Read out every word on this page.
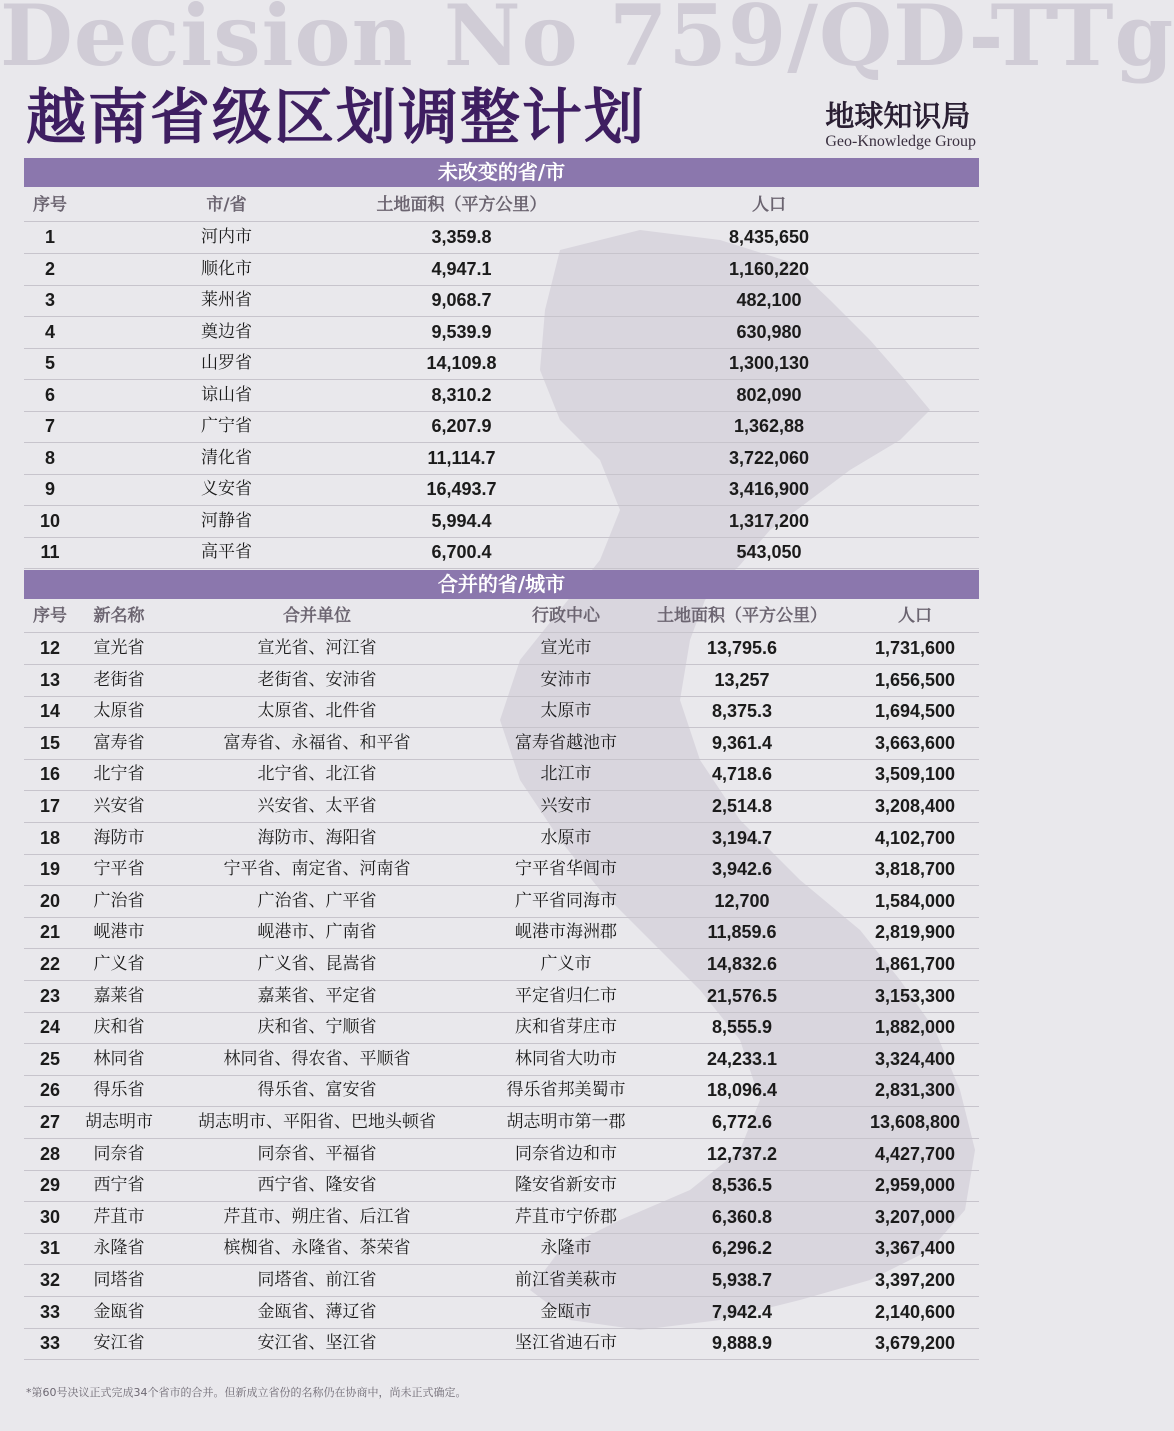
Decision No 759/QD-TTg
越南省级区划调整计划	地球知识局
Geo-Knowledge Group
未改变的省/市
序号	市/省	土地面积（平方公里）	人口
1	河内市	3,359.8	8,435,650
2	顺化市	4,947.1	1,160,220
3	莱州省	9,068.7	482,100
4	奠边省	9,539.9	630,980
5	山罗省	14,109.8	1,300,130
6	谅山省	8,310.2	802,090
7	广宁省	6,207.9	1,362,88
8	清化省	11,114.7	3,722,060
9	义安省	16,493.7	3,416,900
10	河静省	5,994.4	1,317,200
11	高平省	6,700.4	543,050
合并的省/城市
序号	新名称	合并单位	行政中心	土地面积（平方公里）	人口
12	宣光省	宣光省、河江省	宣光市	13,795.6	1,731,600
13	老街省	老街省、安沛省	安沛市	13,257	1,656,500
14	太原省	太原省、北件省	太原市	8,375.3	1,694,500
15	富寿省	富寿省、永福省、和平省	富寿省越池市	9,361.4	3,663,600
16	北宁省	北宁省、北江省	北江市	4,718.6	3,509,100
17	兴安省	兴安省、太平省	兴安市	2,514.8	3,208,400
18	海防市	海防市、海阳省	水原市	3,194.7	4,102,700
19	宁平省	宁平省、南定省、河南省	宁平省华闾市	3,942.6	3,818,700
20	广治省	广治省、广平省	广平省同海市	12,700	1,584,000
21	岘港市	岘港市、广南省	岘港市海洲郡	11,859.6	2,819,900
22	广义省	广义省、昆嵩省	广义市	14,832.6	1,861,700
23	嘉莱省	嘉莱省、平定省	平定省归仁市	21,576.5	3,153,300
24	庆和省	庆和省、宁顺省	庆和省芽庄市	8,555.9	1,882,000
25	林同省	林同省、得农省、平顺省	林同省大叻市	24,233.1	3,324,400
26	得乐省	得乐省、富安省	得乐省邦美蜀市	18,096.4	2,831,300
27	胡志明市	胡志明市、平阳省、巴地头顿省	胡志明市第一郡	6,772.6	13,608,800
28	同奈省	同奈省、平福省	同奈省边和市	12,737.2	4,427,700
29	西宁省	西宁省、隆安省	隆安省新安市	8,536.5	2,959,000
30	芹苴市	芹苴市、朔庄省、后江省	芹苴市宁侨郡	6,360.8	3,207,000
31	永隆省	槟椥省、永隆省、茶荣省	永隆市	6,296.2	3,367,400
32	同塔省	同塔省、前江省	前江省美萩市	5,938.7	3,397,200
33	金瓯省	金瓯省、薄辽省	金瓯市	7,942.4	2,140,600
33	安江省	安江省、坚江省	坚江省迪石市	9,888.9	3,679,200
*第60号决议正式完成34个省市的合并。但新成立省份的名称仍在协商中，尚未正式确定。
